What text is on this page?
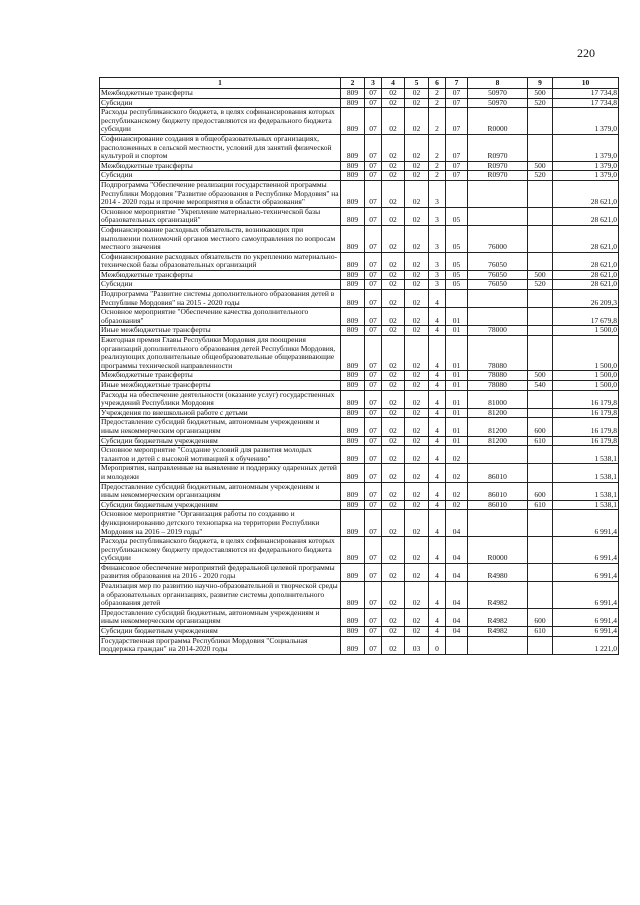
220
1	2	3	4	5	6	7	8	9	10
Межбюджетные трансферты	809	07	02	02	2	07	50970	500	17 734,8
Субсидии	809	07	02	02	2	07	50970	520	17 734,8
Расходы республиканского бюджета, в целях софинансирования которых республиканскому бюджету предоставляются из федерального бюджета субсидии	809	07	02	02	2	07	R0000		1 379,0
Софинансирование создания в общеобразовательных организациях, расположенных в сельской местности, условий для занятий физической культурой и спортом	809	07	02	02	2	07	R0970		1 379,0
Межбюджетные трансферты	809	07	02	02	2	07	R0970	500	1 379,0
Субсидии	809	07	02	02	2	07	R0970	520	1 379,0
Подпрограмма "Обеспечение реализации государственной программы Республики Мордовия "Развитие образования в Республике Мордовия" на 2014 - 2020 годы и прочие мероприятия в области образования"	809	07	02	02	3				28 621,0
Основное мероприятие "Укрепление материально-технической базы образовательных организаций"	809	07	02	02	3	05			28 621,0
Софинансирование расходных обязательств, возникающих при выполнении полномочий органов местного самоуправления по вопросам местного значения	809	07	02	02	3	05	76000		28 621,0
Софинансирование расходных обязательств по укреплению материально-технической базы образовательных организаций	809	07	02	02	3	05	76050		28 621,0
Межбюджетные трансферты	809	07	02	02	3	05	76050	500	28 621,0
Субсидии	809	07	02	02	3	05	76050	520	28 621,0
Подпрограмма "Развитие системы дополнительного образования детей в Республике Мордовия" на 2015 - 2020 годы	809	07	02	02	4				26 209,3
Основное мероприятие "Обеспечение качества дополнительного образования"	809	07	02	02	4	01			17 679,8
Иные межбюджетные трансферты	809	07	02	02	4	01	78000		1 500,0
Ежегодная премия Главы Республики Мордовия для поощрения организаций дополнительного образования детей Республики Мордовия, реализующих дополнительные общеобразовательные общеразвивающие программы технической направленности	809	07	02	02	4	01	78080		1 500,0
Межбюджетные трансферты	809	07	02	02	4	01	78080	500	1 500,0
Иные межбюджетные трансферты	809	07	02	02	4	01	78080	540	1 500,0
Расходы на обеспечение деятельности (оказание услуг) государственных учреждений Республики Мордовия	809	07	02	02	4	01	81000		16 179,8
Учреждения по внешкольной работе с детьми	809	07	02	02	4	01	81200		16 179,8
Предоставление субсидий бюджетным, автономным учреждениям и иным некоммерческим организациям	809	07	02	02	4	01	81200	600	16 179,8
Субсидии бюджетным учреждениям	809	07	02	02	4	01	81200	610	16 179,8
Основное мероприятие "Создание условий для развития молодых талантов и детей с высокой мотивацией к обучению"	809	07	02	02	4	02			1 538,1
Мероприятия, направленные на выявление и поддержку одаренных детей и молодежи	809	07	02	02	4	02	86010		1 538,1
Предоставление субсидий бюджетным, автономным учреждениям и иным некоммерческим организациям	809	07	02	02	4	02	86010	600	1 538,1
Субсидии бюджетным учреждениям	809	07	02	02	4	02	86010	610	1 538,1
Основное мероприятие "Организация работы по созданию и функционированию детского технопарка на территории Республики Мордовия на 2016 – 2019 годы"	809	07	02	02	4	04			6 991,4
Расходы республиканского бюджета, в целях софинансирования которых республиканскому бюджету предоставляются из федерального бюджета субсидии	809	07	02	02	4	04	R0000		6 991,4
Финансовое обеспечение мероприятий федеральной целевой программы развития образования на 2016 - 2020 годы	809	07	02	02	4	04	R4980		6 991,4
Реализация мер по развитию научно-образовательной и творческой среды в образовательных организациях, развитие системы дополнительного образования детей	809	07	02	02	4	04	R4982		6 991,4
Предоставление субсидий бюджетным, автономным учреждениям и иным некоммерческим организациям	809	07	02	02	4	04	R4982	600	6 991,4
Субсидии бюджетным учреждениям	809	07	02	02	4	04	R4982	610	6 991,4
Государственная программа Республики Мордовия "Социальная поддержка граждан" на 2014-2020 годы	809	07	02	03	0				1 221,0
